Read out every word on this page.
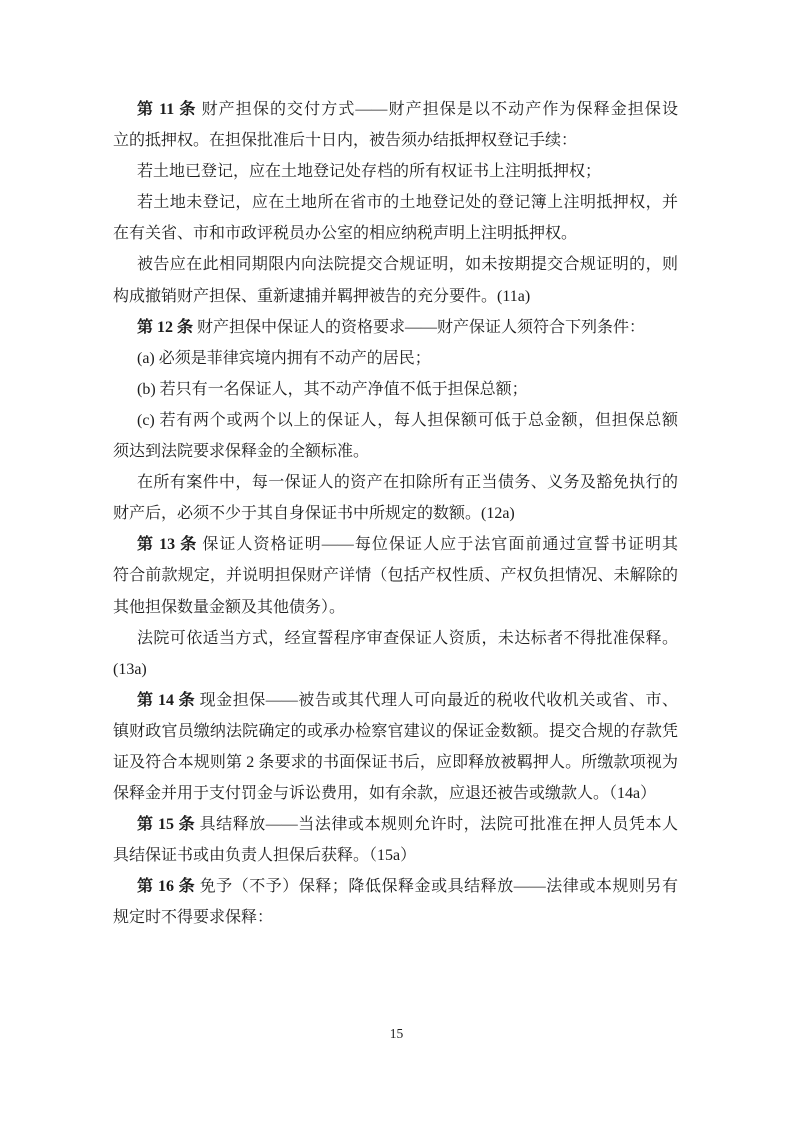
第 11 条 财产担保的交付方式——财产担保是以不动产作为保释金担保设
立的抵押权。在担保批准后十日内，被告须办结抵押权登记手续：
若土地已登记，应在土地登记处存档的所有权证书上注明抵押权；
若土地未登记，应在土地所在省市的土地登记处的登记簿上注明抵押权，并
在有关省、市和市政评税员办公室的相应纳税声明上注明抵押权。
被告应在此相同期限内向法院提交合规证明，如未按期提交合规证明的，则
构成撤销财产担保、重新逮捕并羁押被告的充分要件。(11a)
第 12 条 财产担保中保证人的资格要求——财产保证人须符合下列条件：
(a) 必须是菲律宾境内拥有不动产的居民；
(b) 若只有一名保证人，其不动产净值不低于担保总额；
(c) 若有两个或两个以上的保证人，每人担保额可低于总金额，但担保总额
须达到法院要求保释金的全额标准。
在所有案件中，每一保证人的资产在扣除所有正当债务、义务及豁免执行的
财产后，必须不少于其自身保证书中所规定的数额。(12a)
第 13 条 保证人资格证明——每位保证人应于法官面前通过宣誓书证明其
符合前款规定，并说明担保财产详情（包括产权性质、产权负担情况、未解除的
其他担保数量金额及其他债务）。
法院可依适当方式，经宣誓程序审查保证人资质，未达标者不得批准保释。
(13a)
第 14 条 现金担保——被告或其代理人可向最近的税收代收机关或省、市、
镇财政官员缴纳法院确定的或承办检察官建议的保证金数额。提交合规的存款凭
证及符合本规则第 2 条要求的书面保证书后，应即释放被羁押人。所缴款项视为
保释金并用于支付罚金与诉讼费用，如有余款，应退还被告或缴款人。（14a）
第 15 条 具结释放——当法律或本规则允许时，法院可批准在押人员凭本人
具结保证书或由负责人担保后获释。（15a）
第 16 条 免予（不予）保释；降低保释金或具结释放——法律或本规则另有
规定时不得要求保释：
15
